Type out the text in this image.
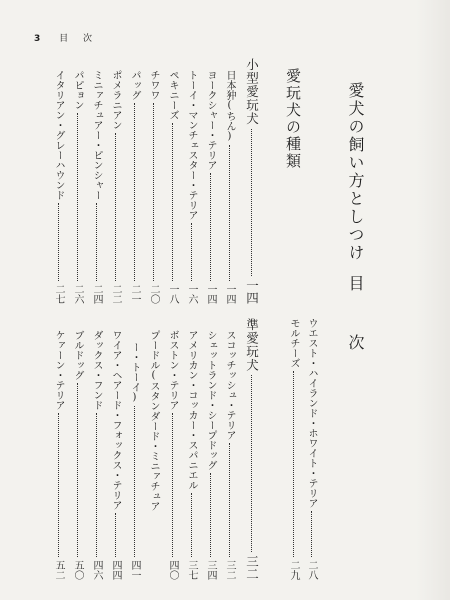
3 目 次
愛犬の飼い方としつけ
目 次
ウエスト・ハイランド・ホワイト・テリア
二八
モルチーズ
二九
愛玩犬の種類
小型愛玩犬
一四
日本狆(ちん)
一四
ヨークシャー・テリア
一四
トーイ・マンチェスター・テリア
一六
ペキニーズ
一八
チワワ
二〇
パッグ
二一
ポメラニアン
二二
ミニァチュアー・ピンシャー
二四
パピョン
二六
イタリアン・グレーハウンド
二七
準愛玩犬
三二
スコッチッシュ・テリア
三二
シェットランド・シープドッグ
三四
アメリカン・コッカー・スパニエル
三七
ボストン・テリア
四〇
プードル(スタンダード・ミニァチュア
ー・トーイ)
四一
ワイア・ヘアード・フォックス・テリア
四四
ダックス・フンド
四六
ブルドッグ
五〇
ケァーン・テリア
五二
